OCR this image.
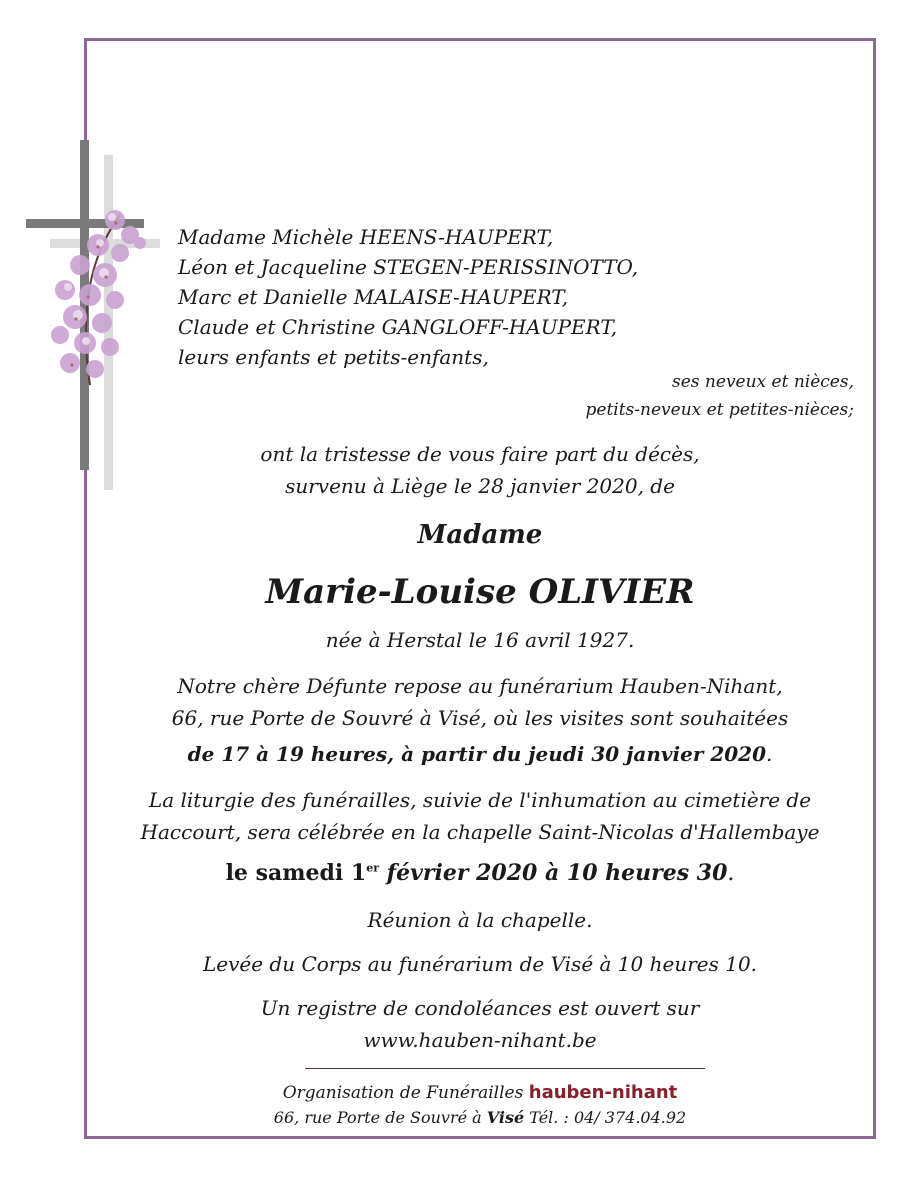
Madame Michèle HEENS-HAUPERT,
Léon et Jacqueline STEGEN-PERISSINOTTO,
Marc et Danielle MALAISE-HAUPERT,
Claude et Christine GANGLOFF-HAUPERT,
leurs enfants et petits-enfants,
ses neveux et nièces,
petits-neveux et petites-nièces;
ont la tristesse de vous faire part du décès,
survenu à Liège le 28 janvier 2020, de
Madame
Marie-Louise OLIVIER
née à Herstal le 16 avril 1927.
Notre chère Défunte repose au funérarium Hauben-Nihant,
66, rue Porte de Souvré à Visé, où les visites sont souhaitées
de 17 à 19 heures, à partir du jeudi 30 janvier 2020.
La liturgie des funérailles, suivie de l'inhumation au cimetière de
Haccourt, sera célébrée en la chapelle Saint-Nicolas d'Hallembaye
le samedi 1er février 2020 à 10 heures 30.
Réunion à la chapelle.
Levée du Corps au funérarium de Visé à 10 heures 10.
Un registre de condoléances est ouvert sur
www.hauben-nihant.be
Organisation de Funérailles hauben-nihant
66, rue Porte de Souvré à Visé Tél. : 04/ 374.04.92
